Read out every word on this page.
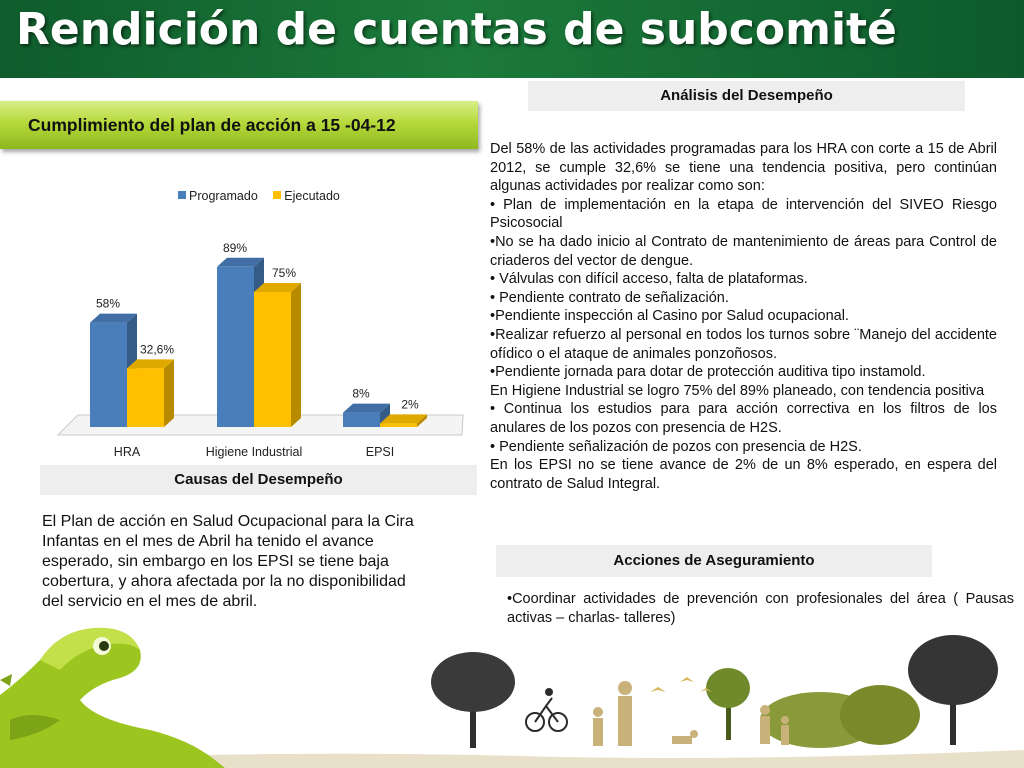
Rendición de cuentas de subcomité
Cumplimiento del plan de acción a 15 -04-12
Análisis del Desempeño

Del 58% de las actividades programadas para los HRA con corte a 15 de Abril 2012, se cumple 32,6% se tiene una tendencia positiva, pero continúan algunas actividades por realizar como son:

• Plan de implementación en la etapa de intervención del SIVEO Riesgo Psicosocial

•No se ha dado inicio al Contrato de mantenimiento de áreas para Control de criaderos del vector de dengue.

• Válvulas con difícil acceso, falta de plataformas.

• Pendiente contrato de señalización.

•Pendiente inspección al Casino por Salud ocupacional.

•Realizar refuerzo al personal en todos los turnos sobre ¨Manejo del accidente ofídico o el ataque de animales ponzoñosos.

•Pendiente jornada para dotar de protección auditiva tipo instamold.

En Higiene Industrial se logro 75% del 89% planeado, con tendencia positiva

• Continua los estudios para para acción correctiva en los filtros de los anulares de los pozos con presencia de H2S.

• Pendiente señalización de pozos con presencia de H2S.

En los EPSI no se tiene avance de 2% de un 8% esperado, en espera del contrato de Salud Integral.

Programado Ejecutado
58%
32,6%
HRA
89%
75%
Higiene Industrial
8%
2%
EPSI
Causas del Desempeño
El Plan de acción en Salud Ocupacional para la Cira Infantas en el mes de Abril ha tenido el avance esperado, sin embargo en los EPSI se tiene baja cobertura, y ahora afectada por la no disponibilidad del servicio en el mes de abril.
Acciones de Aseguramiento
•Coordinar actividades de prevención con profesionales del área ( Pausas activas – charlas- talleres)
